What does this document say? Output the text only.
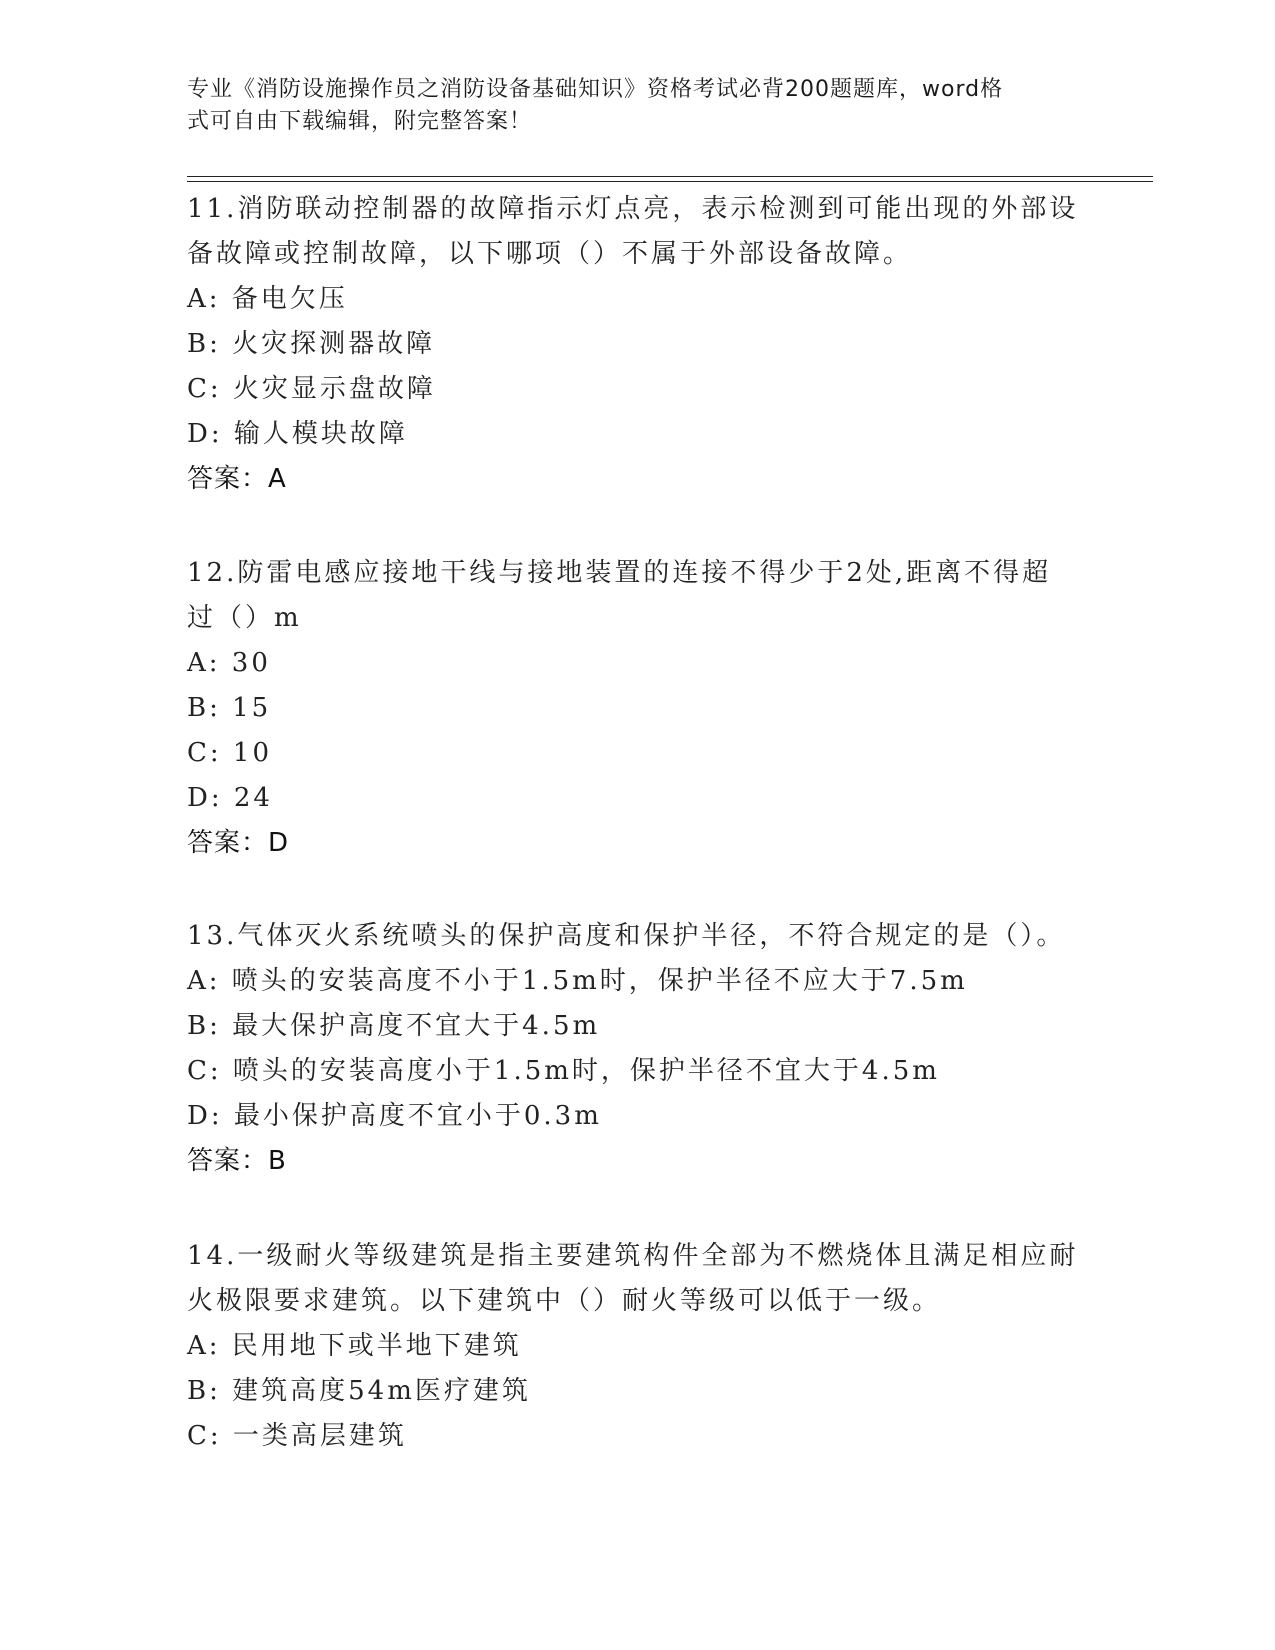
专业《消防设施操作员之消防设备基础知识》资格考试必背200题题库，word格
式可自由下载编辑，附完整答案！
11.消防联动控制器的故障指示灯点亮，表示检测到可能出现的外部设
备故障或控制故障，以下哪项（）不属于外部设备故障。
A: 备电欠压
B: 火灾探测器故障
C: 火灾显示盘故障
D: 输人模块故障
答案：A
12.防雷电感应接地干线与接地装置的连接不得少于2处,距离不得超
过（）m
A: 30
B: 15
C: 10
D: 24
答案：D
13.气体灭火系统喷头的保护高度和保护半径，不符合规定的是（）。
A: 喷头的安装高度不小于1.5m时，保护半径不应大于7.5m
B: 最大保护高度不宜大于4.5m
C: 喷头的安装高度小于1.5m时，保护半径不宜大于4.5m
D: 最小保护高度不宜小于0.3m
答案：B
14.一级耐火等级建筑是指主要建筑构件全部为不燃烧体且满足相应耐
火极限要求建筑。以下建筑中（）耐火等级可以低于一级。
A: 民用地下或半地下建筑
B: 建筑高度54m医疗建筑
C: 一类高层建筑
